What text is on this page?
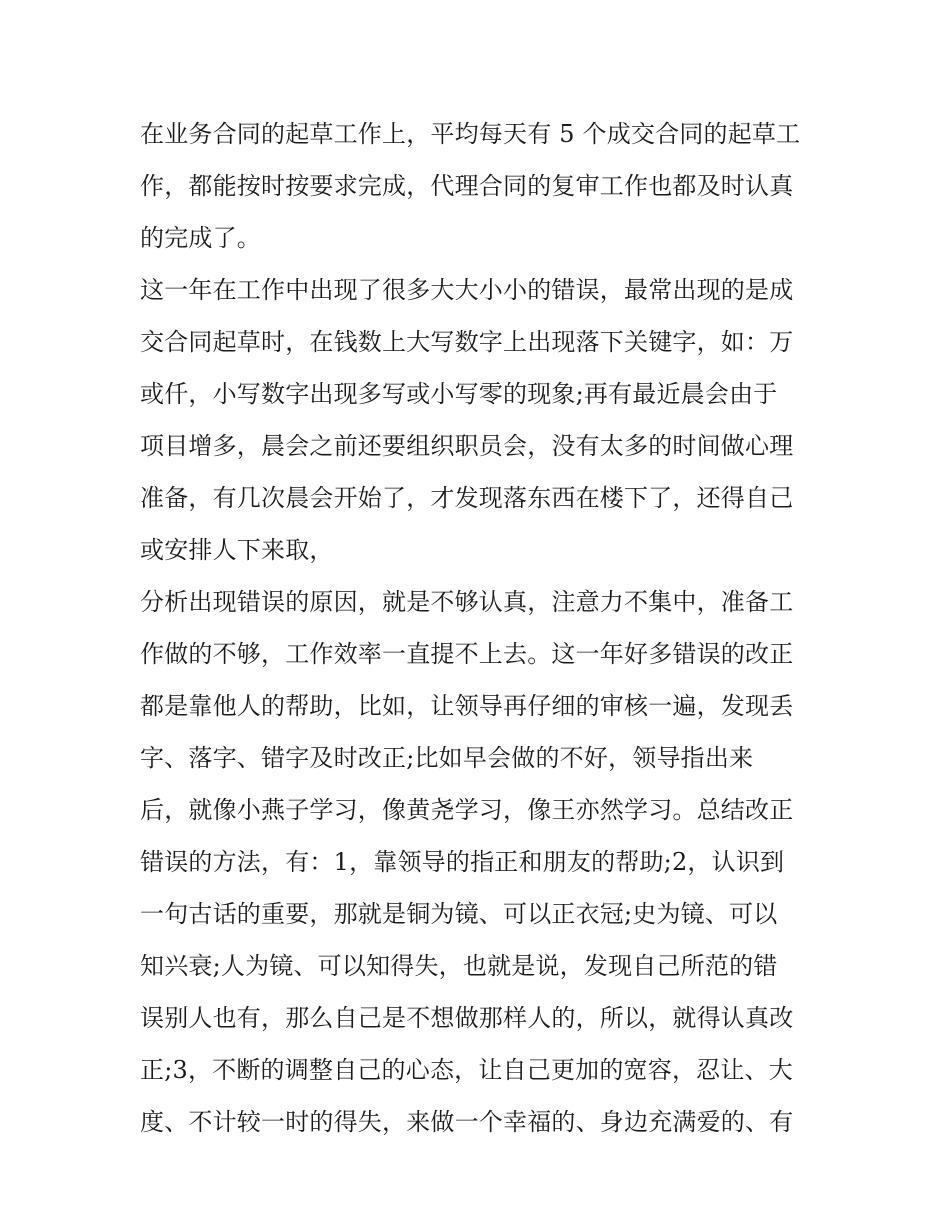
在业务合同的起草工作上，平均每天有 5 个成交合同的起草工
作，都能按时按要求完成，代理合同的复审工作也都及时认真
的完成了。
这一年在工作中出现了很多大大小小的错误，最常出现的是成
交合同起草时，在钱数上大写数字上出现落下关键字，如：万
或仟，小写数字出现多写或小写零的现象;再有最近晨会由于
项目增多，晨会之前还要组织职员会，没有太多的时间做心理
准备，有几次晨会开始了，才发现落东西在楼下了，还得自己
或安排人下来取，
分析出现错误的原因，就是不够认真，注意力不集中，准备工
作做的不够，工作效率一直提不上去。这一年好多错误的改正
都是靠他人的帮助，比如，让领导再仔细的审核一遍，发现丢
字、落字、错字及时改正;比如早会做的不好，领导指出来
后，就像小燕子学习，像黄尧学习，像王亦然学习。总结改正
错误的方法，有：1，靠领导的指正和朋友的帮助;2，认识到
一句古话的重要，那就是铜为镜、可以正衣冠;史为镜、可以
知兴衰;人为镜、可以知得失，也就是说，发现自己所范的错
误别人也有，那么自己是不想做那样人的，所以，就得认真改
正;3，不断的调整自己的心态，让自己更加的宽容，忍让、大
度、不计较一时的得失，来做一个幸福的、身边充满爱的、有
